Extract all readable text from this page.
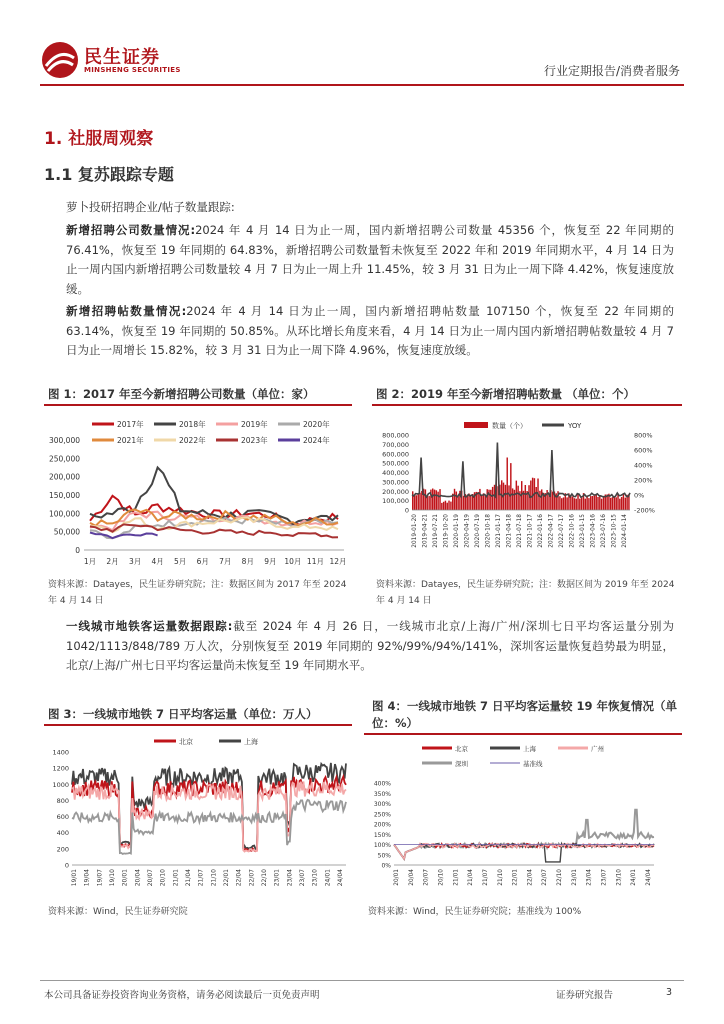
民生证券
MINSHENG SECURITIES	行业定期报告/消费者服务
1. 社服周观察
1.1 复苏跟踪专题
萝卜投研招聘企业/帖子数量跟踪:
新增招聘公司数量情况:2024 年 4 月 14 日为止一周，国内新增招聘公司数量 45356 个，恢复至 22 年同期的 76.41%，恢复至 19 年同期的 64.83%，新增招聘公司数量暂未恢复至 2022 年和 2019 年同期水平，4 月 14 日为止一周内国内新增招聘公司数量较 4 月 7 日为止一周上升 11.45%，较 3 月 31 日为止一周下降 4.42%，恢复速度放缓。
新增招聘帖数量情况:2024 年 4 月 14 日为止一周，国内新增招聘帖数量 107150 个，恢复至 22 年同期的 63.14%，恢复至 19 年同期的 50.85%。从环比增长角度来看，4 月 14 日为止一周内国内新增招聘帖数量较 4 月 7 日为止一周增长 15.82%，较 3 月 31 日为止一周下降 4.96%，恢复速度放缓。
图 1：2017 年至今新增招聘公司数量（单位：家）
2017年	2018年	2019年	2020年
2021年	2022年	2023年	2024年
300,000
250,000
200,000
150,000
100,000
50,000
0
1月 2月 3月 4月 5月 6月 7月 8月 9月 10月 11月 12月
资料来源：Datayes，民生证券研究院；注：数据区间为 2017 年至 2024 年 4 月 14 日
图 2：2019 年至今新增招聘帖数量 （单位：个）
800,000
700,000
600,000
500,000
400,000
300,000
200,000
100,000
0
800%
600%
400%
200%
0%
-200%
2019-01-20 2019-04-21 2019-07-21 2019-10-20 2020-01-19 2020-04-19 2020-07-19 2020-10-18 2021-01-17 2021-04-18 2021-07-18 2021-10-17 2022-01-16 2022-04-17 2022-07-17 2022-10-16 2023-01-15 2023-04-16 2023-07-16 2023-10-15 2024-01-14
数量（个）	YOY
资料来源：Datayes，民生证券研究院；注：数据区间为 2019 年至 2024 年 4 月 14 日
一线城市地铁客运量数据跟踪:截至 2024 年 4 月 26 日，一线城市北京/上海/广州/深圳七日平均客运量分别为 1042/1113/848/789 万人次，分别恢复至 2019 年同期的 92%/99%/94%/141%，深圳客运量恢复趋势最为明显，北京/上海/广州七日平均客运量尚未恢复至 19 年同期水平。
图 3：一线城市地铁 7 日平均客运量（单位：万人）
1400
1200
1000
800
600
400
200
0
19/01 19/04 19/07 19/10 20/01 20/04 20/07 20/10 21/01 21/04 21/07 21/10 22/01 22/04 22/07 22/10 23/01 23/04 23/07 23/10 24/01 24/04
北京	上海
资料来源：Wind，民生证券研究院
图 4：一线城市地铁 7 日平均客运量较 19 年恢复情况（单位：%）
400%
350%
300%
250%
200%
150%
100%
50%
0%
20/01 20/04 20/07 20/10 21/01 21/04 21/07 21/10 22/01 22/04 22/07 22/10 23/01 23/04 23/07 23/10 24/01 24/04
北京	上海	广州
深圳	基准线
资料来源：Wind，民生证券研究院；基准线为 100%
本公司具备证券投资咨询业务资格，请务必阅读最后一页免责声明	证券研究报告	3
